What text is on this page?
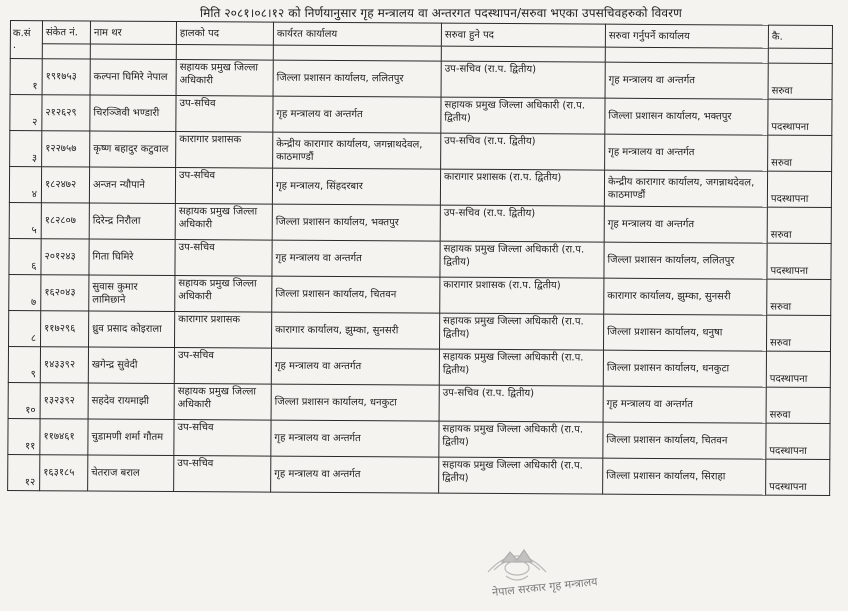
मिति २०८१।०८।१२ को निर्णयानुसार गृह मन्त्रालय वा अन्तरगत पदस्थापन/सरुवा भएका उपसचिवहरुको विवरण
क.सं
.	संकेत नं.	नाम थर	हालको पद	कार्यरत कार्यालय	सरुवा हुने पद	सरुवा गर्नुपर्ने कार्यालय	कै.

१	१९१७५३	कल्पना घिमिरे नेपाल	सहायक प्रमुख जिल्ला अधिकारी	जिल्ला प्रशासन कार्यालय, ललितपुर	उप-सचिव (रा.प. द्वितीय)	गृह मन्त्रालय वा अन्तर्गत	सरुवा
२	२१२६२९	चिरञ्जिवी भण्डारी	उप-सचिव	गृह मन्त्रालय वा अन्तर्गत	सहायक प्रमुख जिल्ला अधिकारी (रा.प. द्वितीय)	जिल्ला प्रशासन कार्यालय, भक्तपुर	पदस्थापना
३	१२२७५७	कृष्ण बहादुर कटुवाल	कारागार प्रशासक	केन्द्रीय कारागार कार्यालय, जगन्नाथदेवल, काठमाण्डौं	उप-सचिव (रा.प. द्वितीय)	गृह मन्त्रालय वा अन्तर्गत	सरुवा
४	१८२४७२	अन्जन न्यौपाने	उप-सचिव	गृह मन्त्रालय, सिंहदरबार	कारागार प्रशासक (रा.प. द्वितीय)	केन्द्रीय कारागार कार्यालय, जगन्नाथदेवल, काठमाण्डौं	पदस्थापना
५	१८२८०७	दिरेन्द्र निरौला	सहायक प्रमुख जिल्ला अधिकारी	जिल्ला प्रशासन कार्यालय, भक्तपुर	उप-सचिव (रा.प. द्वितीय)	गृह मन्त्रालय वा अन्तर्गत	सरुवा
६	२०१२४३	गिता घिमिरे	उप-सचिव	गृह मन्त्रालय वा अन्तर्गत	सहायक प्रमुख जिल्ला अधिकारी (रा.प. द्वितीय)	जिल्ला प्रशासन कार्यालय, ललितपुर	पदस्थापना
७	१६२०४३	सुवास कुमार लामिछाने	सहायक प्रमुख जिल्ला अधिकारी	जिल्ला प्रशासन कार्यालय, चितवन	कारागार प्रशासक (रा.प. द्वितीय)	कारागार कार्यालय, झुम्का, सुनसरी	सरुवा
८	११७२९६	ध्रुव प्रसाद कोइराला	कारागार प्रशासक	कारागार कार्यालय, झुम्का, सुनसरी	सहायक प्रमुख जिल्ला अधिकारी (रा.प. द्वितीय)	जिल्ला प्रशासन कार्यालय, धनुषा	सरुवा
९	१४३३९२	खगेन्द्र सुवेदी	उप-सचिव	गृह मन्त्रालय वा अन्तर्गत	सहायक प्रमुख जिल्ला अधिकारी (रा.प. द्वितीय)	जिल्ला प्रशासन कार्यालय, धनकुटा	पदस्थापना
१०	१३२३९२	सहदेव रायमाझी	सहायक प्रमुख जिल्ला अधिकारी	जिल्ला प्रशासन कार्यालय, धनकुटा	उप-सचिव (रा.प. द्वितीय)	गृह मन्त्रालय वा अन्तर्गत	सरुवा
११	११७४६१	चुडामणी शर्मा गौतम	उप-सचिव	गृह मन्त्रालय वा अन्तर्गत	सहायक प्रमुख जिल्ला अधिकारी (रा.प. द्वितीय)	जिल्ला प्रशासन कार्यालय, चितवन	पदस्थापना
१२	१६३१८५	चेतराज बराल	उप-सचिव	गृह मन्त्रालय वा अन्तर्गत	सहायक प्रमुख जिल्ला अधिकारी (रा.प. द्वितीय)	जिल्ला प्रशासन कार्यालय, सिराहा	पदस्थापना
नेपाल सरकार गृह मन्त्रालय
